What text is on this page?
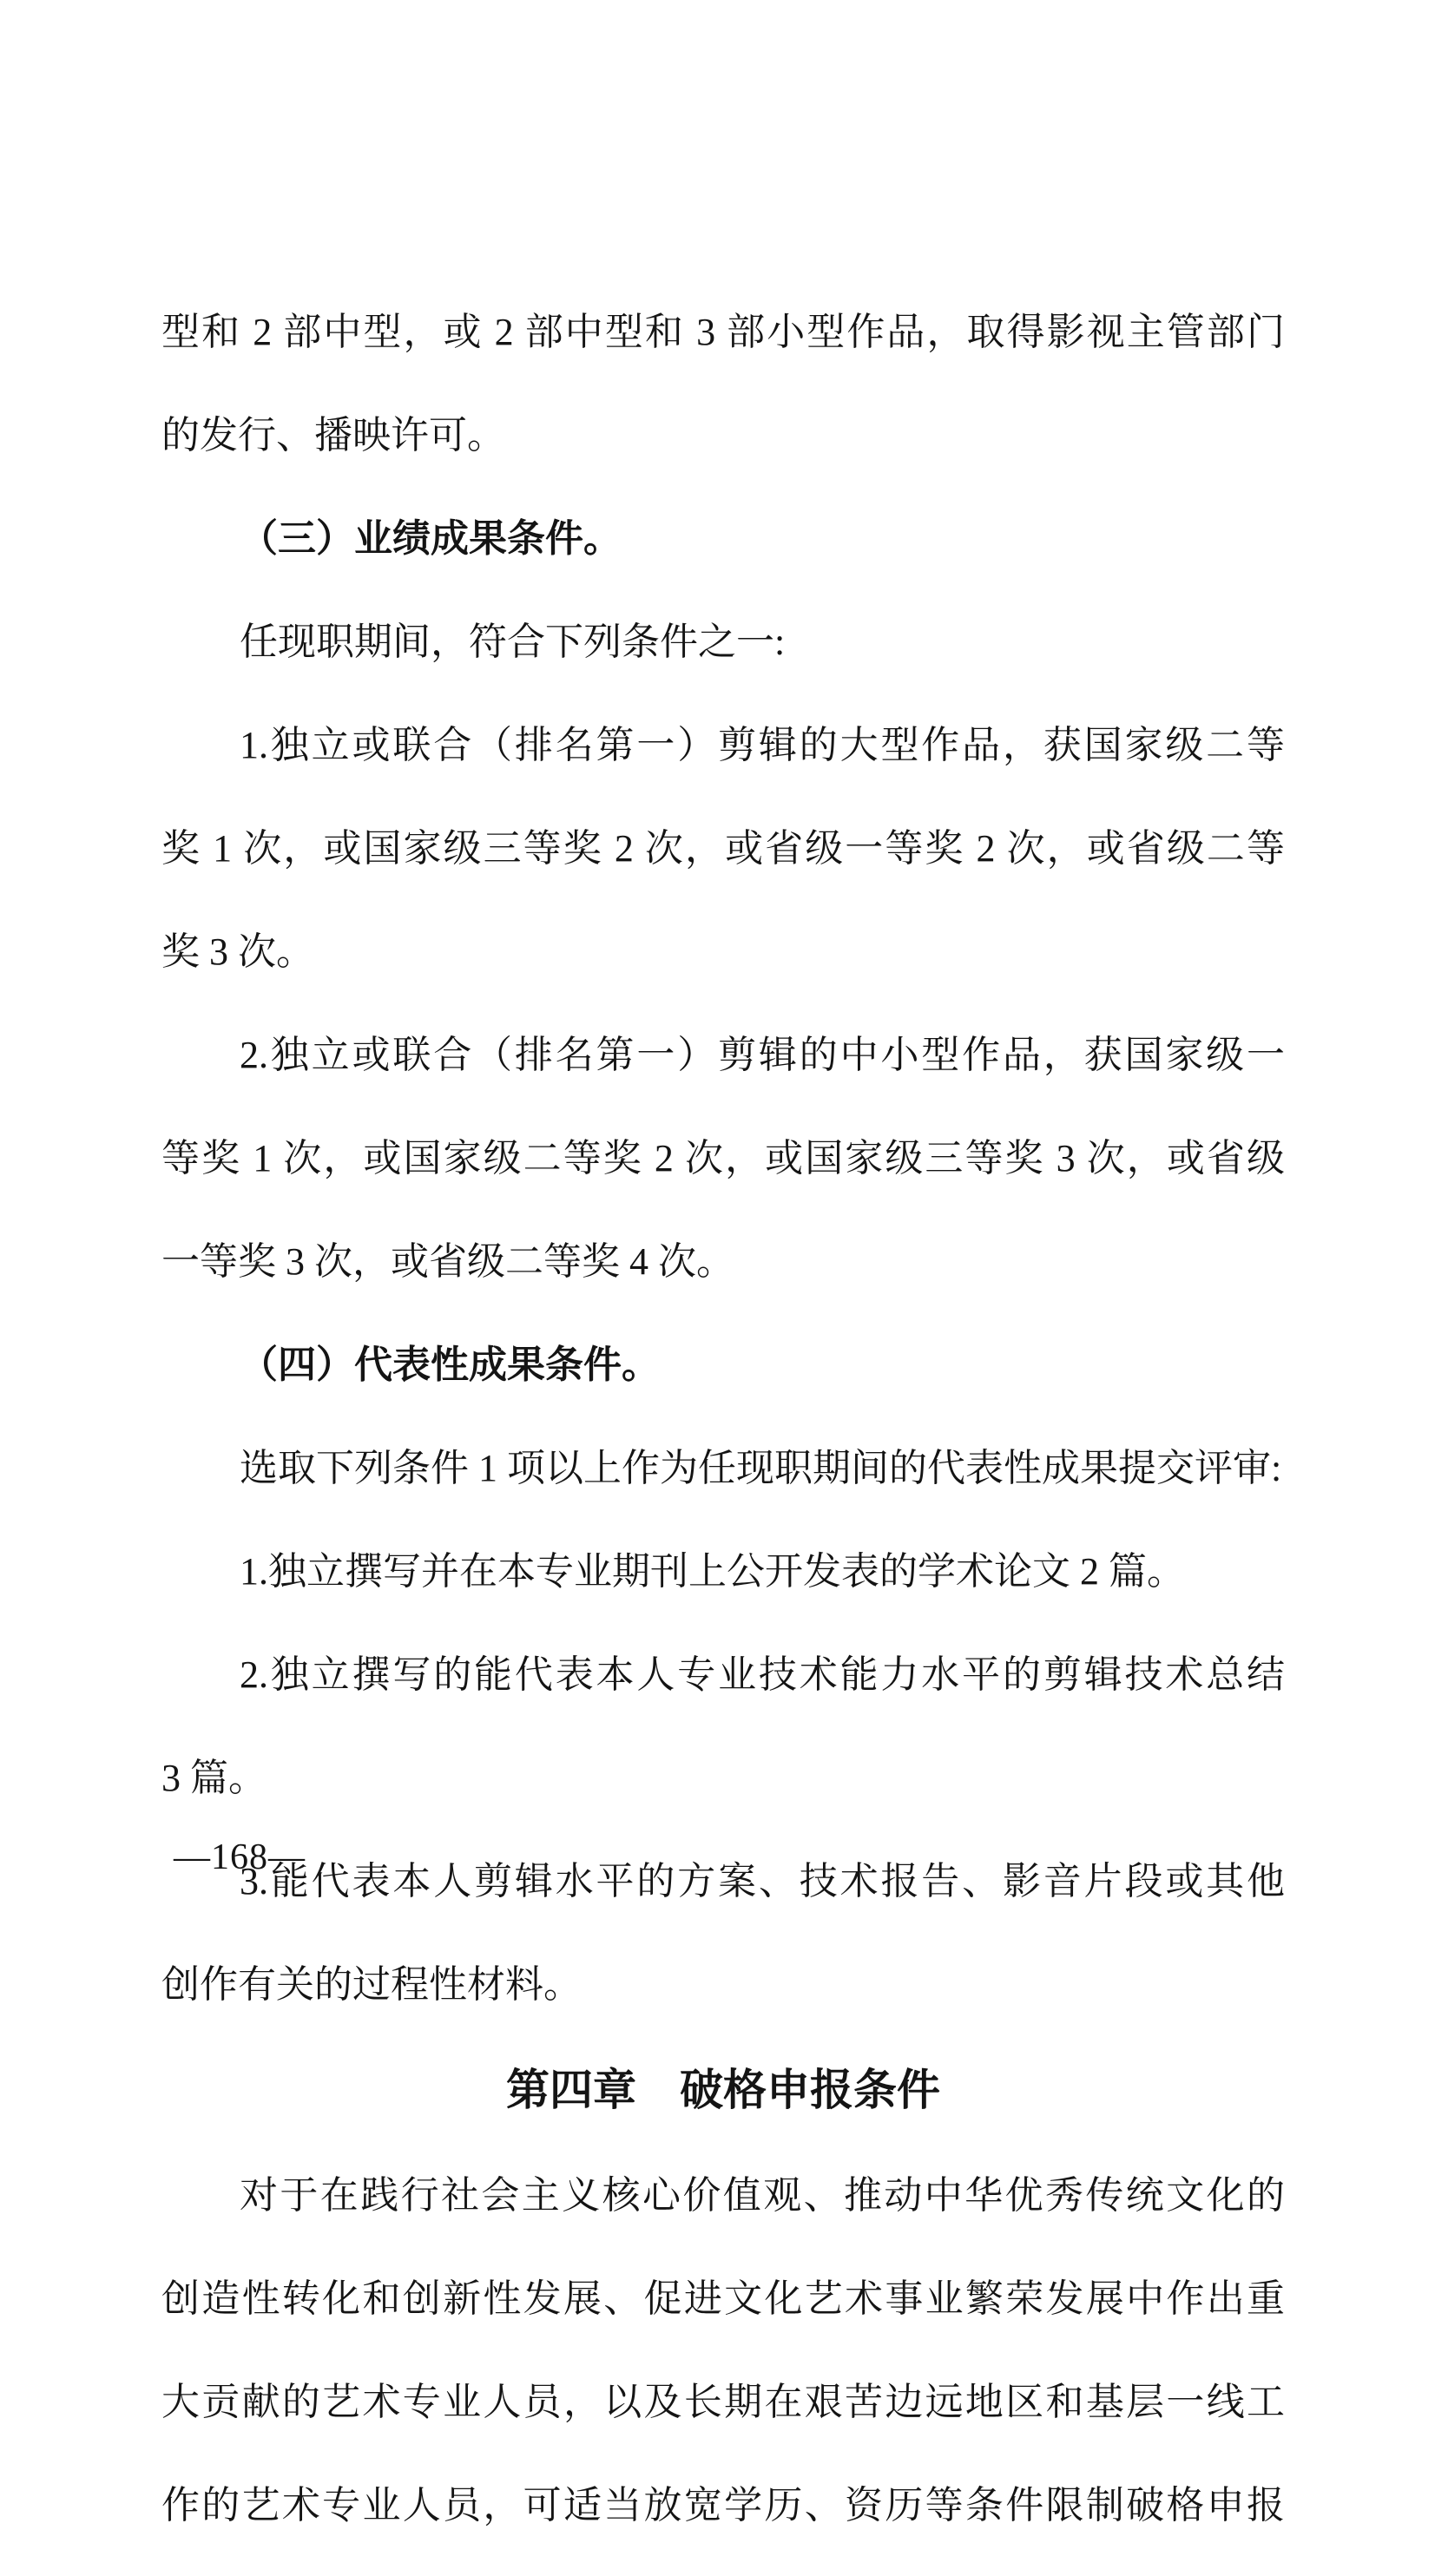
型和 2 部中型，或 2 部中型和 3 部小型作品，取得影视主管部门

的发行、播映许可。

（三）业绩成果条件。

任现职期间，符合下列条件之一:

1.独立或联合（排名第一）剪辑的大型作品，获国家级二等

奖 1 次，或国家级三等奖 2 次，或省级一等奖 2 次，或省级二等

奖 3 次。

2.独立或联合（排名第一）剪辑的中小型作品，获国家级一

等奖 1 次，或国家级二等奖 2 次，或国家级三等奖 3 次，或省级

一等奖 3 次，或省级二等奖 4 次。

（四）代表性成果条件。

选取下列条件 1 项以上作为任现职期间的代表性成果提交评审:

1.独立撰写并在本专业期刊上公开发表的学术论文 2 篇。

2.独立撰写的能代表本人专业技术能力水平的剪辑技术总结

3 篇。

3.能代表本人剪辑水平的方案、技术报告、影音片段或其他

创作有关的过程性材料。

第四章　破格申报条件

对于在践行社会主义核心价值观、推动中华优秀传统文化的

创造性转化和创新性发展、促进文化艺术事业繁荣发展中作出重

大贡献的艺术专业人员，以及长期在艰苦边远地区和基层一线工

作的艺术专业人员，可适当放宽学历、资历等条件限制破格申报

—168—
